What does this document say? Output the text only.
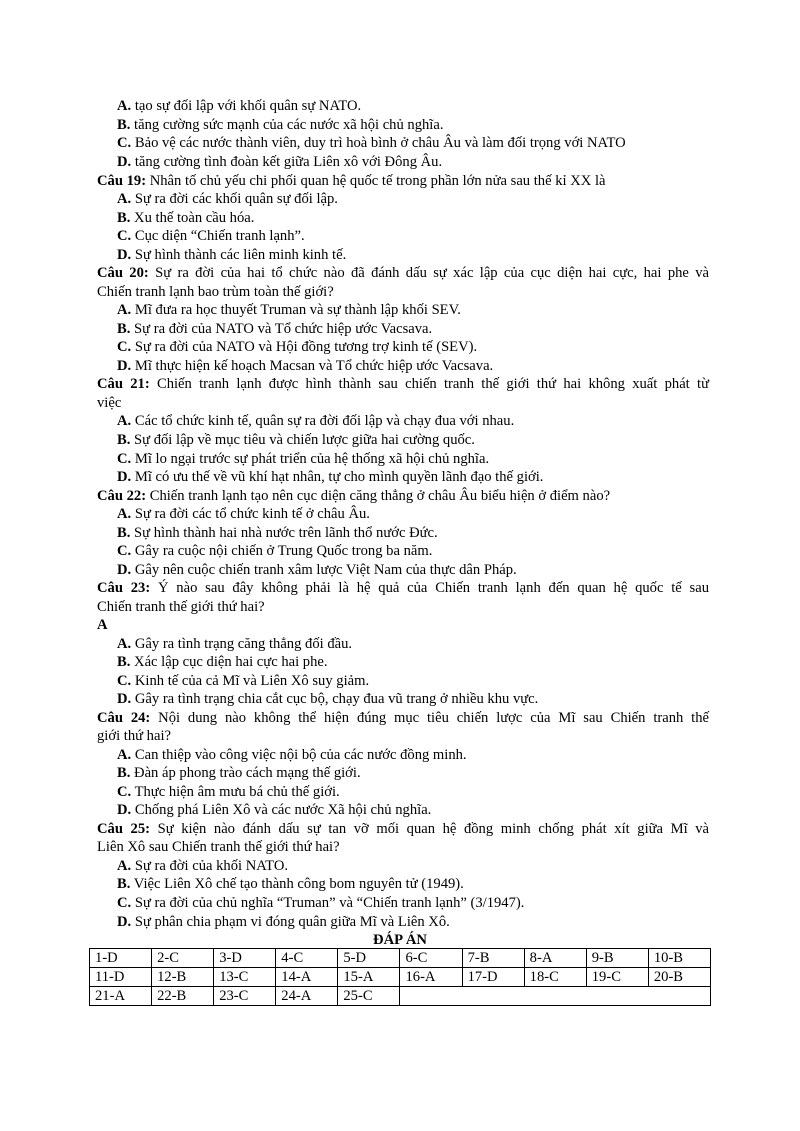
A. tạo sự đối lập với khối quân sự NATO.
B. tăng cường sức mạnh của các nước xã hội chủ nghĩa.
C. Bảo vệ các nước thành viên, duy trì hoà bình ở châu Âu và làm đối trọng với NATO
D. tăng cường tình đoàn kết giữa Liên xô với Đông Âu.
Câu 19: Nhân tố chủ yếu chi phối quan hệ quốc tế trong phần lớn nửa sau thế kỉ XX là
A. Sự ra đời các khối quân sự đối lập.
B. Xu thế toàn cầu hóa.
C. Cục diện “Chiến tranh lạnh”.
D. Sự hình thành các liên minh kinh tế.
Câu 20: Sự ra đời của hai tổ chức nào đã đánh dấu sự xác lập của cục diện hai cực, hai phe và
Chiến tranh lạnh bao trùm toàn thế giới?
A. Mĩ đưa ra học thuyết Truman và sự thành lập khối SEV.
B. Sự ra đời của NATO và Tổ chức hiệp ước Vacsava.
C. Sự ra đời của NATO và Hội đồng tương trợ kinh tế (SEV).
D. Mĩ thực hiện kế hoạch Macsan và Tổ chức hiệp ước Vacsava.
Câu 21: Chiến tranh lạnh được hình thành sau chiến tranh thế giới thứ hai không xuất phát từ
việc
A. Các tổ chức kinh tế, quân sự ra đời đối lập và chạy đua với nhau.
B. Sự đối lập về mục tiêu và chiến lược giữa hai cường quốc.
C. Mĩ lo ngại trước sự phát triển của hệ thống xã hội chủ nghĩa.
D. Mĩ có ưu thế về vũ khí hạt nhân, tự cho mình quyền lãnh đạo thế giới.
Câu 22: Chiến tranh lạnh tạo nên cục diện căng thẳng ở châu Âu biểu hiện ở điểm nào?
A. Sự ra đời các tổ chức kinh tế ở châu Âu.
B. Sự hình thành hai nhà nước trên lãnh thổ nước Đức.
C. Gây ra cuộc nội chiến ở Trung Quốc trong ba năm.
D. Gây nên cuộc chiến tranh xâm lược Việt Nam của thực dân Pháp.
Câu 23: Ý nào sau đây không phải là hệ quả của Chiến tranh lạnh đến quan hệ quốc tế sau
Chiến tranh thế giới thứ hai?
A
A. Gây ra tình trạng căng thẳng đối đầu.
B. Xác lập cục diện hai cực hai phe.
C. Kinh tế của cả Mĩ và Liên Xô suy giảm.
D. Gây ra tình trạng chia cắt cục bộ, chạy đua vũ trang ở nhiều khu vực.
Câu 24: Nội dung nào không thể hiện đúng mục tiêu chiến lược của Mĩ sau Chiến tranh thế
giới thứ hai?
A. Can thiệp vào công việc nội bộ của các nước đồng minh.
B. Đàn áp phong trào cách mạng thế giới.
C. Thực hiện âm mưu bá chủ thế giới.
D. Chống phá Liên Xô và các nước Xã hội chủ nghĩa.
Câu 25: Sự kiện nào đánh dấu sự tan vỡ mối quan hệ đồng minh chống phát xít giữa Mĩ và
Liên Xô sau Chiến tranh thế giới thứ hai?
A. Sự ra đời của khối NATO.
B. Việc Liên Xô chế tạo thành công bom nguyên tử (1949).
C. Sự ra đời của chủ nghĩa “Truman” và “Chiến tranh lạnh” (3/1947).
D. Sự phân chia phạm vi đóng quân giữa Mĩ và Liên Xô.
ĐÁP ÁN
1-D	2-C	3-D	4-C	5-D	6-C	7-B	8-A	9-B	10-B
11-D	12-B	13-C	14-A	15-A	16-A	17-D	18-C	19-C	20-B
21-A	22-B	23-C	24-A	25-C					
